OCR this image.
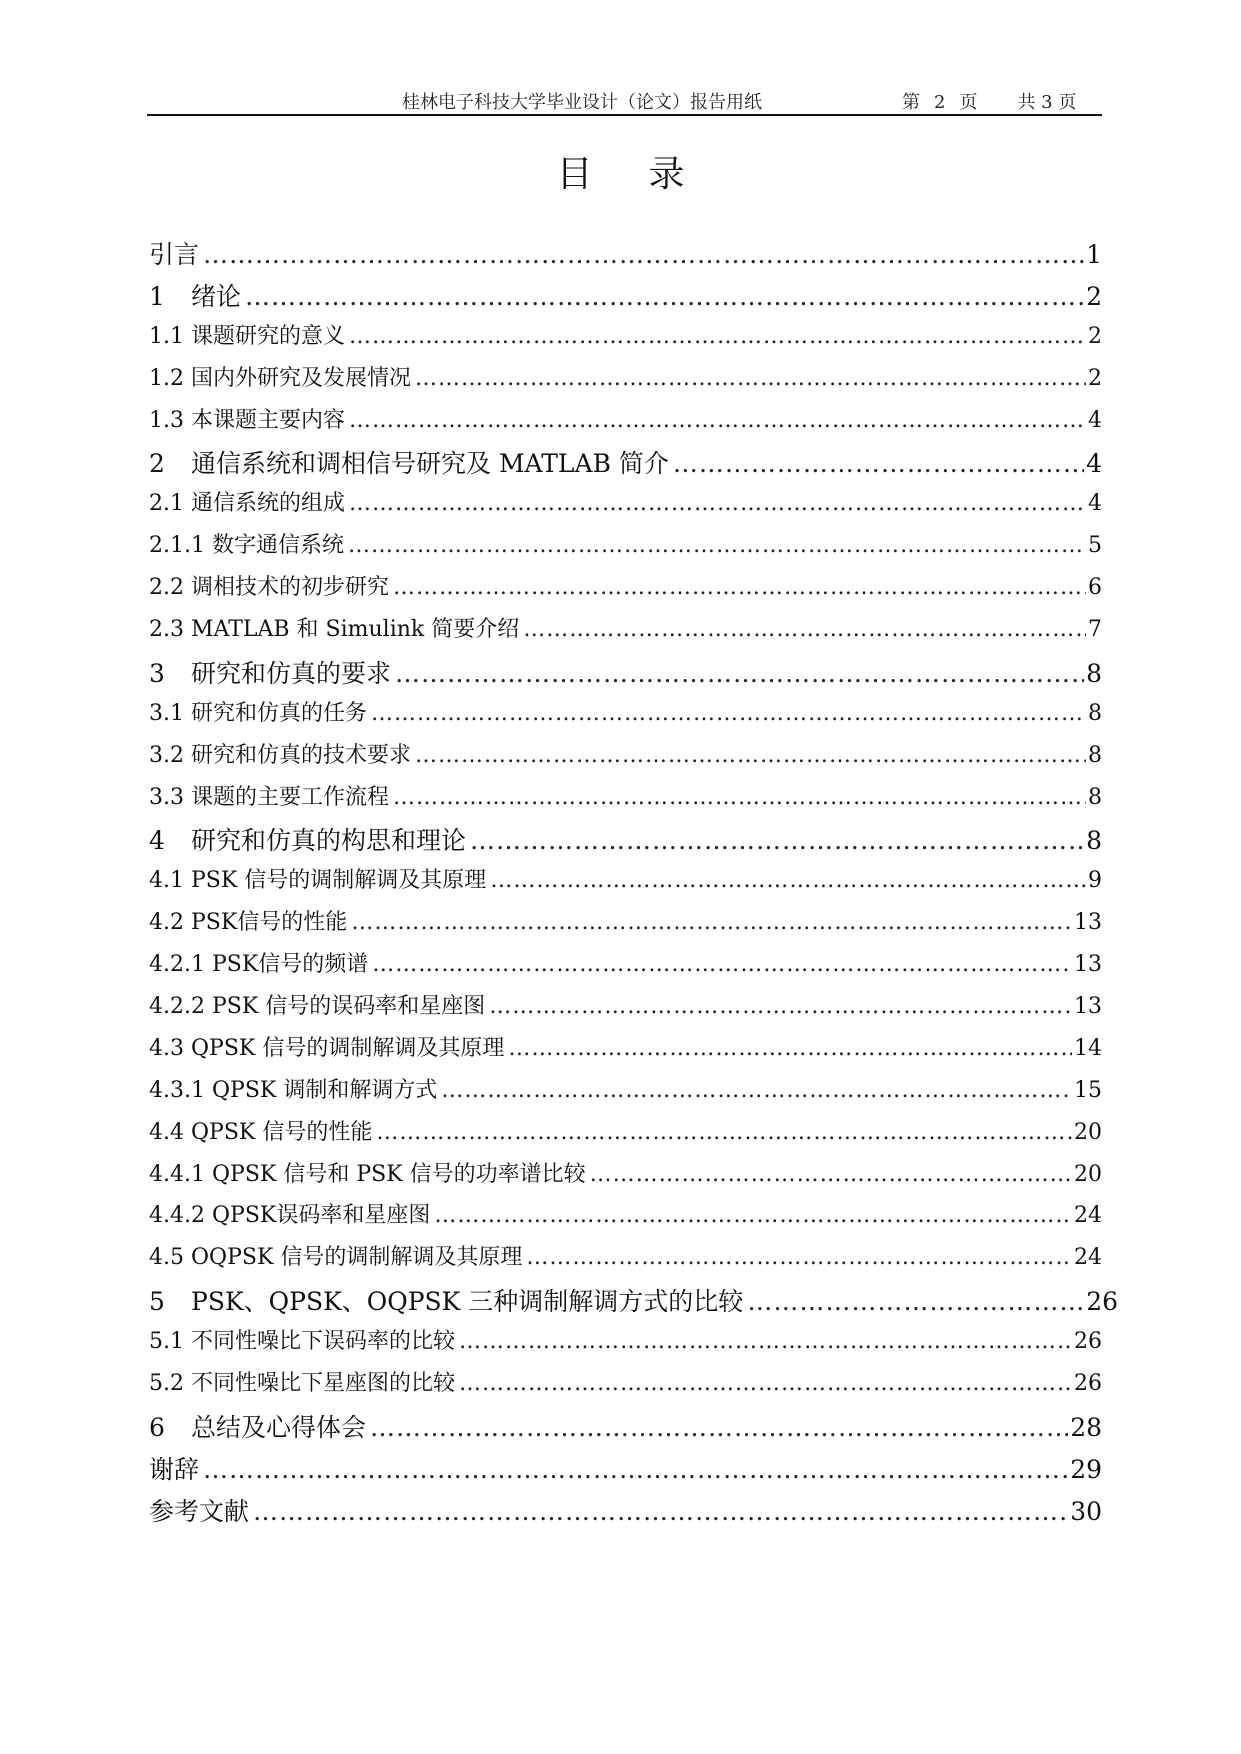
桂林电子科技大学毕业设计（论文）报告用纸	第 2 页 共 3 页
目录
引言 …………………………………………………………………………………………………………………………………………………………………………………………………………………………	1
1 绪论 …………………………………………………………………………………………………………………………………………………………………………………………………………………………	2
1.1 课题研究的意义 …………………………………………………………………………………………………………………………………………………………………………………………………………………………	2
1.2 国内外研究及发展情况 …………………………………………………………………………………………………………………………………………………………………………………………………………………………	2
1.3 本课题主要内容 …………………………………………………………………………………………………………………………………………………………………………………………………………………………	4
2 通信系统和调相信号研究及 MATLAB 简介 …………………………………………………………………………………………………………………………………………………………………………………………………………………………	4
2.1 通信系统的组成 …………………………………………………………………………………………………………………………………………………………………………………………………………………………	4
2.1.1 数字通信系统 …………………………………………………………………………………………………………………………………………………………………………………………………………………………	5
2.2 调相技术的初步研究 …………………………………………………………………………………………………………………………………………………………………………………………………………………………	6
2.3 MATLAB 和 Simulink 简要介绍 …………………………………………………………………………………………………………………………………………………………………………………………………………………………	7
3 研究和仿真的要求 …………………………………………………………………………………………………………………………………………………………………………………………………………………………	8
3.1 研究和仿真的任务 …………………………………………………………………………………………………………………………………………………………………………………………………………………………	8
3.2 研究和仿真的技术要求 …………………………………………………………………………………………………………………………………………………………………………………………………………………………	8
3.3 课题的主要工作流程 …………………………………………………………………………………………………………………………………………………………………………………………………………………………	8
4 研究和仿真的构思和理论 …………………………………………………………………………………………………………………………………………………………………………………………………………………………	8
4.1 PSK 信号的调制解调及其原理 …………………………………………………………………………………………………………………………………………………………………………………………………………………………	9
4.2 PSK信号的性能 …………………………………………………………………………………………………………………………………………………………………………………………………………………………	13
4.2.1 PSK信号的频谱 …………………………………………………………………………………………………………………………………………………………………………………………………………………………	13
4.2.2 PSK 信号的误码率和星座图 …………………………………………………………………………………………………………………………………………………………………………………………………………………………	13
4.3 QPSK 信号的调制解调及其原理 …………………………………………………………………………………………………………………………………………………………………………………………………………………………	14
4.3.1 QPSK 调制和解调方式 …………………………………………………………………………………………………………………………………………………………………………………………………………………………	15
4.4 QPSK 信号的性能 …………………………………………………………………………………………………………………………………………………………………………………………………………………………	20
4.4.1 QPSK 信号和 PSK 信号的功率谱比较 …………………………………………………………………………………………………………………………………………………………………………………………………………………………	20
4.4.2 QPSK误码率和星座图 …………………………………………………………………………………………………………………………………………………………………………………………………………………………	24
4.5 OQPSK 信号的调制解调及其原理 …………………………………………………………………………………………………………………………………………………………………………………………………………………………	24
5 PSK、QPSK、OQPSK 三种调制解调方式的比较 …………………………………………………………………………………………………………………………………………………………………………………………………………………………	26
5.1 不同性噪比下误码率的比较 …………………………………………………………………………………………………………………………………………………………………………………………………………………………	26
5.2 不同性噪比下星座图的比较 …………………………………………………………………………………………………………………………………………………………………………………………………………………………	26
6 总结及心得体会 …………………………………………………………………………………………………………………………………………………………………………………………………………………………	28
谢辞 …………………………………………………………………………………………………………………………………………………………………………………………………………………………	29
参考文献 …………………………………………………………………………………………………………………………………………………………………………………………………………………………	30
